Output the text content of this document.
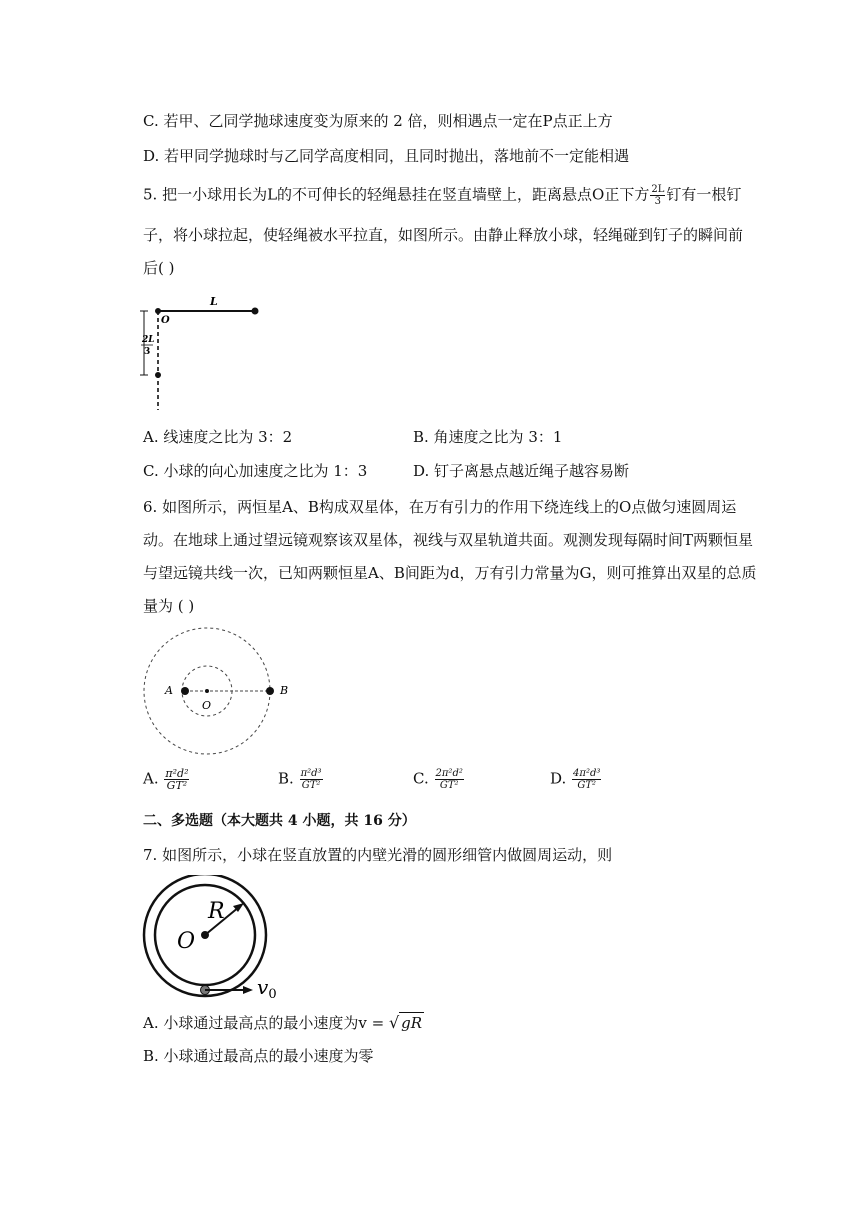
C. 若甲、乙同学抛球速度变为原来的 2 倍，则相遇点一定在P点正上方
D. 若甲同学抛球时与乙同学高度相同，且同时抛出，落地前不一定能相遇
5. 把一小球用长为L的不可伸长的轻绳悬挂在竖直墙壁上，距离悬点O正下方 $\frac{2L}{3}$ 钉有一根钉
子，将小球拉起，使轻绳被水平拉直，如图所示。由静止释放小球，轻绳碰到钉子的瞬间前
后( )
L
O
2L
3
A. 线速度之比为 3：2	B. 角速度之比为 3：1
C. 小球的向心加速度之比为 1：3	D. 钉子离悬点越近绳子越容易断
6. 如图所示，两恒星A、B构成双星体，在万有引力的作用下绕连线上的O点做匀速圆周运
动。在地球上通过望远镜观察该双星体，视线与双星轨道共面。观测发现每隔时间T两颗恒星
与望远镜共线一次，已知两颗恒星A、B间距为d，万有引力常量为G，则可推算出双星的总质
量为 ( )
A
O
B
A. $\frac{\text{π²d²}}{\text{GT²}}$	B. $\frac{\text{π²d³}}{\text{GT²}}$	C. $\frac{\text{2π²d²}}{\text{GT²}}$	D. $\frac{\text{4π²d³}}{\text{GT²}}$
二、多选题（本大题共 4 小题，共 16 分）
7. 如图所示，小球在竖直放置的内壁光滑的圆形细管内做圆周运动，则
R
O
$v_0$
A. 小球通过最高点的最小速度为v = √ gR
B. 小球通过最高点的最小速度为零
